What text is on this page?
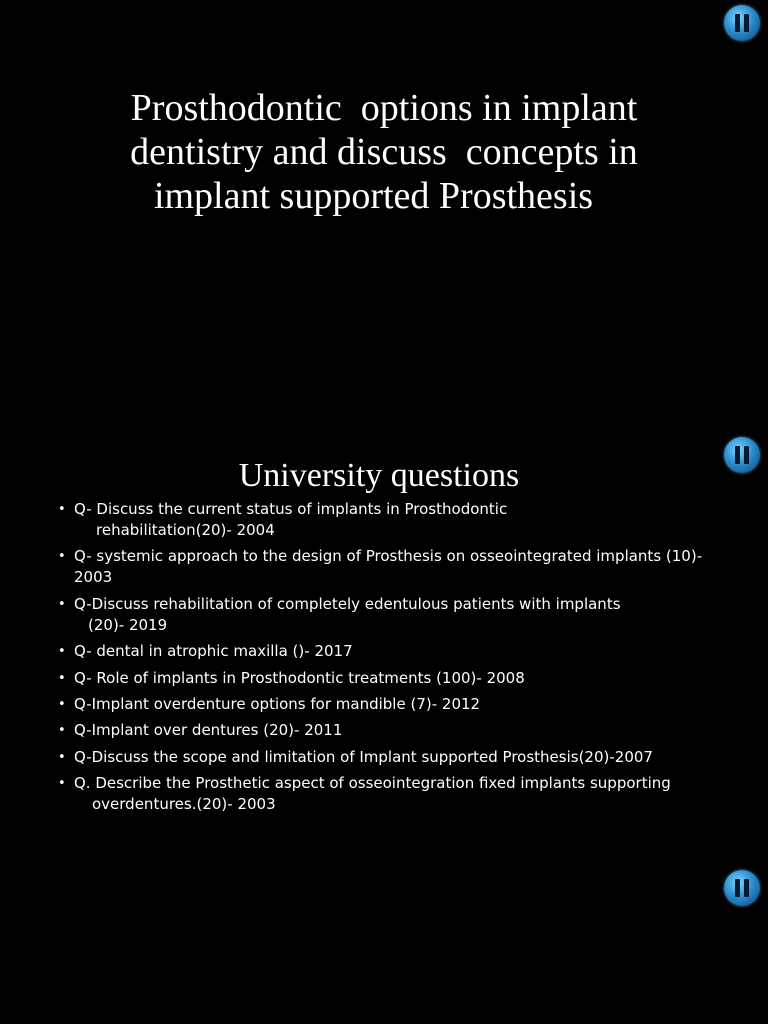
Prosthodontic  options in implant
dentistry and discuss  concepts in
implant supported Prosthesis
University questions
• Q- Discuss the current status of implants in Prosthodontic
rehabilitation(20)- 2004
• Q- systemic approach to the design of Prosthesis on osseointegrated implants (10)- 2003
• Q-Discuss rehabilitation of completely edentulous patients with implants
(20)- 2019
• Q- dental in atrophic maxilla ()- 2017
• Q- Role of implants in Prosthodontic treatments (100)- 2008
• Q-Implant overdenture options for mandible (7)- 2012
• Q-Implant over dentures (20)- 2011
• Q-Discuss the scope and limitation of Implant supported Prosthesis(20)-2007
• Q. Describe the Prosthetic aspect of osseointegration fixed implants supporting
overdentures.(20)- 2003
